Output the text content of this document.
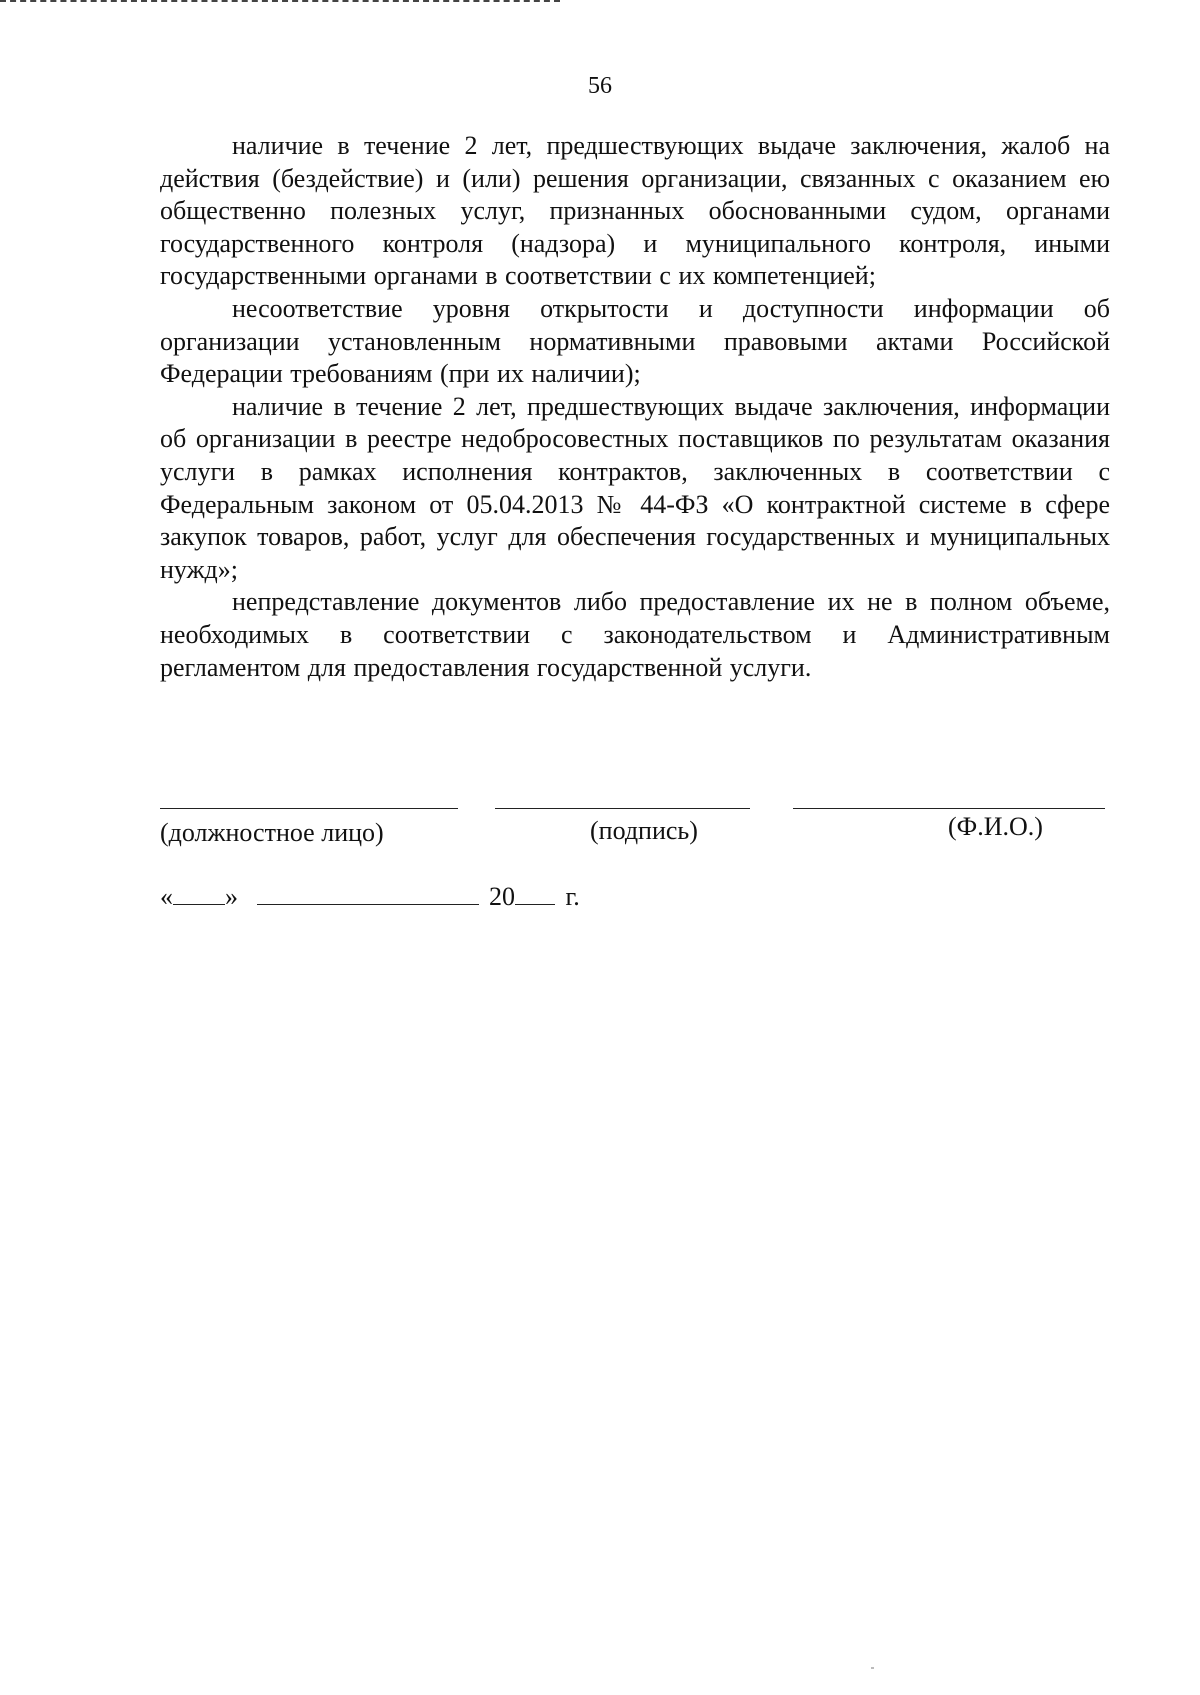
56

наличие в течение 2 лет, предшествующих выдаче заключения, жалоб на действия (бездействие) и (или) решения организации, связанных с оказанием ею общественно полезных услуг, признанных обоснованными судом, органами государственного контроля (надзора) и муниципального контроля, иными государственными органами в соответствии с их компетенцией;

несоответствие уровня открытости и доступности информации об организации установленным нормативными правовыми актами Российской Федерации требованиям (при их наличии);

наличие в течение 2 лет, предшествующих выдаче заключения, информации об организации в реестре недобросовестных поставщиков по результатам оказания услуги в рамках исполнения контрактов, заключенных в соответствии с Федеральным законом от 05.04.2013 № 44-ФЗ «О контрактной системе в сфере закупок товаров, работ, услуг для обеспечения государственных и муниципальных нужд»;

непредставление документов либо предоставление их не в полном объеме, необходимых в соответствии с законодательством и Административным регламентом для предоставления государственной услуги.

(должностное лицо)	(подпись)	(Ф.И.О.)
« »	20 г.
